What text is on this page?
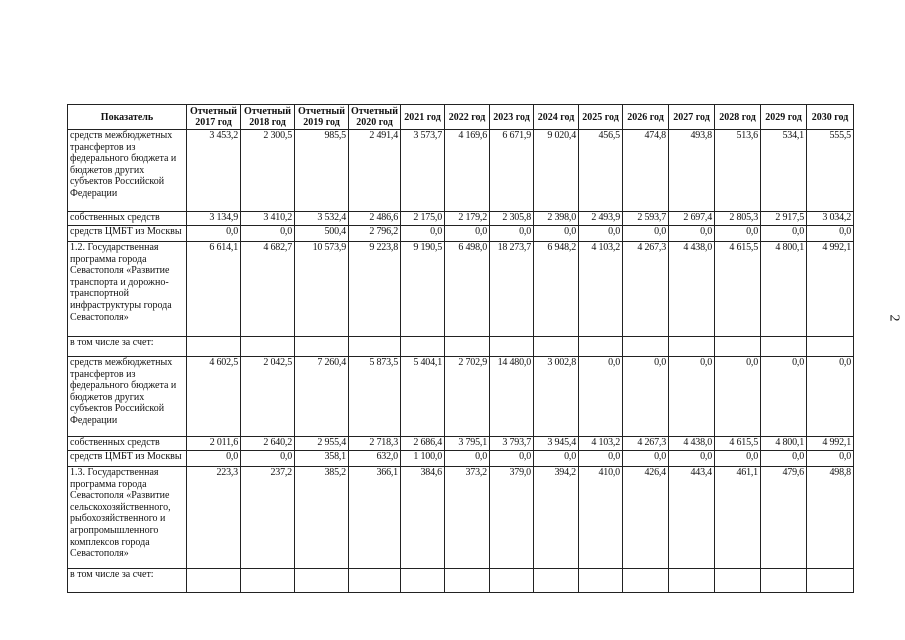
Показатель	Отчетный 2017 год	Отчетный 2018 год	Отчетный 2019 год	Отчетный 2020 год	2021 год	2022 год	2023 год	2024 год	2025 год	2026 год	2027 год	2028 год	2029 год	2030 год
средств межбюджетных трансфертов из федерального бюджета и бюджетов других субъектов Российской Федерации	3 453,2	2 300,5	985,5	2 491,4	3 573,7	4 169,6	6 671,9	9 020,4	456,5	474,8	493,8	513,6	534,1	555,5
собственных средств	3 134,9	3 410,2	3 532,4	2 486,6	2 175,0	2 179,2	2 305,8	2 398,0	2 493,9	2 593,7	2 697,4	2 805,3	2 917,5	3 034,2
средств ЦМБТ из Москвы	0,0	0,0	500,4	2 796,2	0,0	0,0	0,0	0,0	0,0	0,0	0,0	0,0	0,0	0,0
1.2. Государственная программа города Севастополя «Развитие транспорта и дорожно-транспортной инфраструктуры города Севастополя»	6 614,1	4 682,7	10 573,9	9 223,8	9 190,5	6 498,0	18 273,7	6 948,2	4 103,2	4 267,3	4 438,0	4 615,5	4 800,1	4 992,1
в том числе за счет:														
средств межбюджетных трансфертов из федерального бюджета и бюджетов других субъектов Российской Федерации	4 602,5	2 042,5	7 260,4	5 873,5	5 404,1	2 702,9	14 480,0	3 002,8	0,0	0,0	0,0	0,0	0,0	0,0
собственных средств	2 011,6	2 640,2	2 955,4	2 718,3	2 686,4	3 795,1	3 793,7	3 945,4	4 103,2	4 267,3	4 438,0	4 615,5	4 800,1	4 992,1
средств ЦМБТ из Москвы	0,0	0,0	358,1	632,0	1 100,0	0,0	0,0	0,0	0,0	0,0	0,0	0,0	0,0	0,0
1.3. Государственная программа города Севастополя «Развитие сельскохозяйственного, рыбохозяйственного и агропромышленного комплексов города Севастополя»	223,3	237,2	385,2	366,1	384,6	373,2	379,0	394,2	410,0	426,4	443,4	461,1	479,6	498,8
в том числе за счет:														
2
